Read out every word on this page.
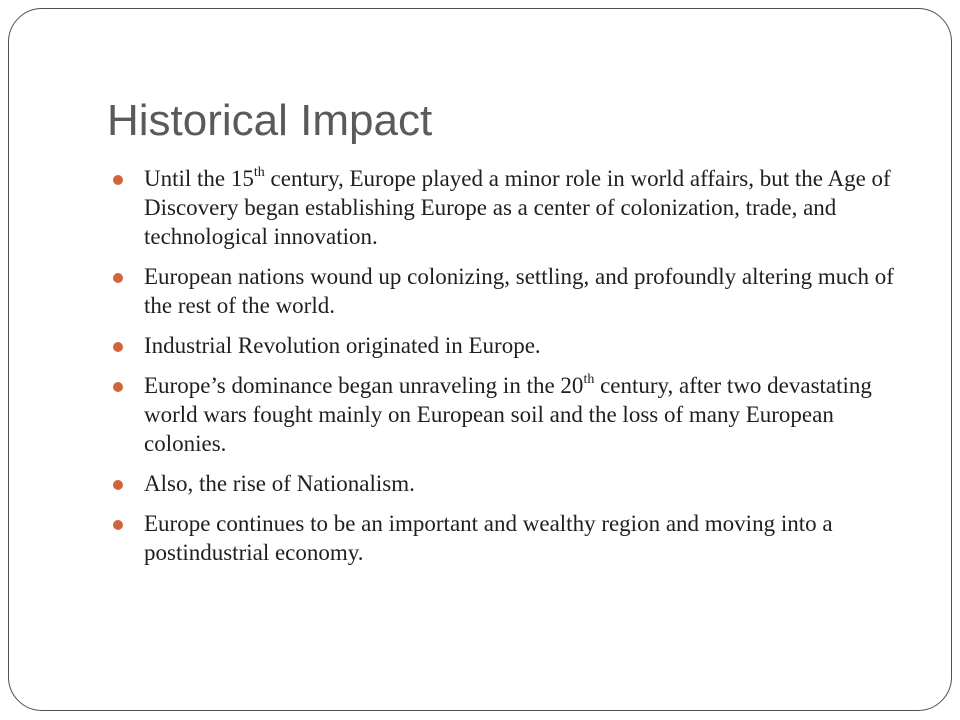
Historical Impact
Until the 15th century, Europe played a minor role in world affairs, but the Age of Discovery began establishing Europe as a center of colonization, trade, and technological innovation.
European nations wound up colonizing, settling, and profoundly altering much of the rest of the world.
Industrial Revolution originated in Europe.
Europe’s dominance began unraveling in the 20th century, after two devastating world wars fought mainly on European soil and the loss of many European colonies.
Also, the rise of Nationalism.
Europe continues to be an important and wealthy region and moving into a postindustrial economy.
